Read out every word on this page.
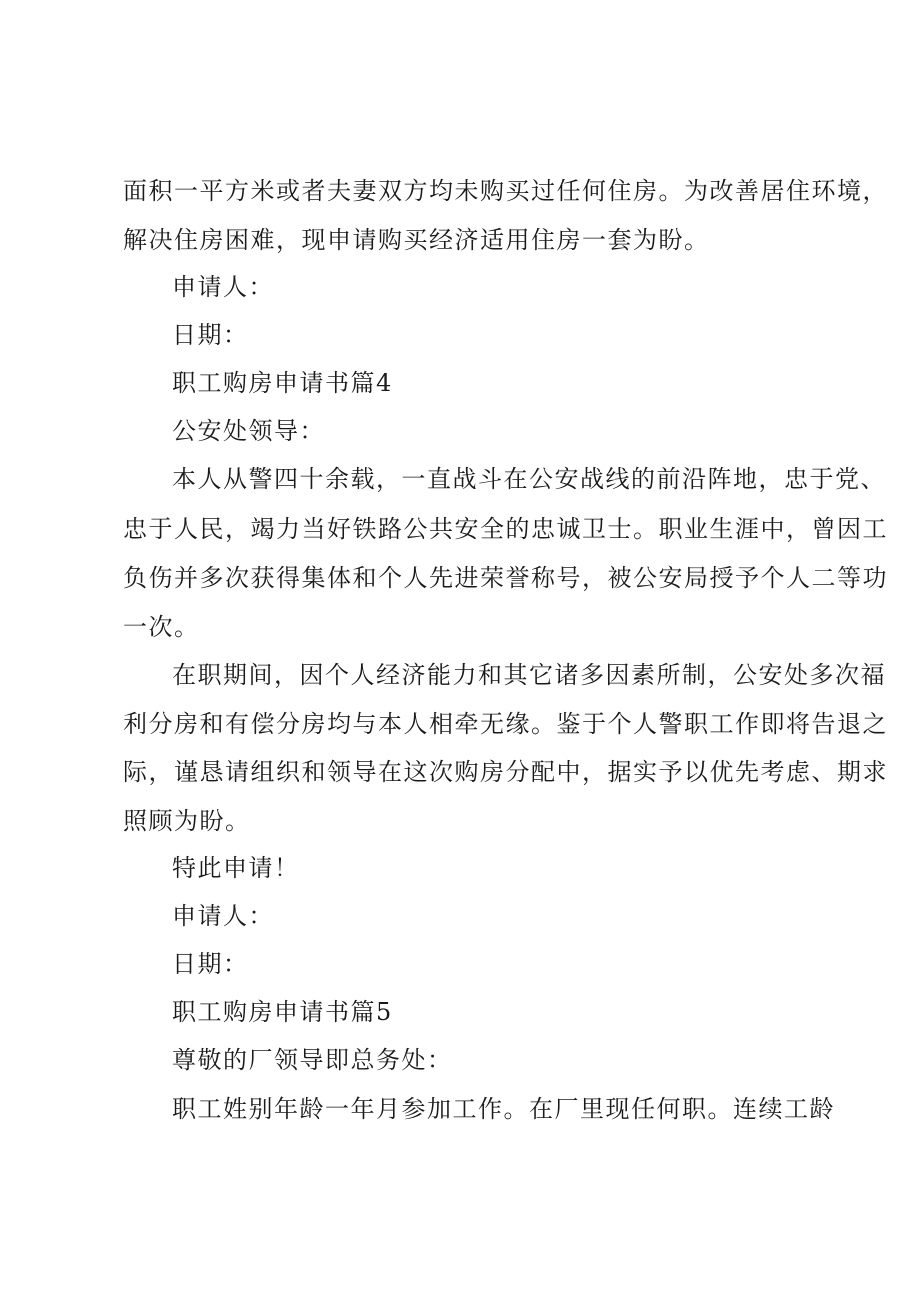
面积一平方米或者夫妻双方均未购买过任何住房。为改善居住环境，
解决住房困难，现申请购买经济适用住房一套为盼。
申请人：
日期：
职工购房申请书篇4
公安处领导：
本人从警四十余载，一直战斗在公安战线的前沿阵地，忠于党、
忠于人民，竭力当好铁路公共安全的忠诚卫士。职业生涯中，曾因工
负伤并多次获得集体和个人先进荣誉称号，被公安局授予个人二等功
一次。
在职期间，因个人经济能力和其它诸多因素所制，公安处多次福
利分房和有偿分房均与本人相牵无缘。鉴于个人警职工作即将告退之
际，谨恳请组织和领导在这次购房分配中，据实予以优先考虑、期求
照顾为盼。
特此申请！
申请人：
日期：
职工购房申请书篇5
尊敬的厂领导即总务处：
职工姓别年龄一年月参加工作。在厂里现任何职。连续工龄
